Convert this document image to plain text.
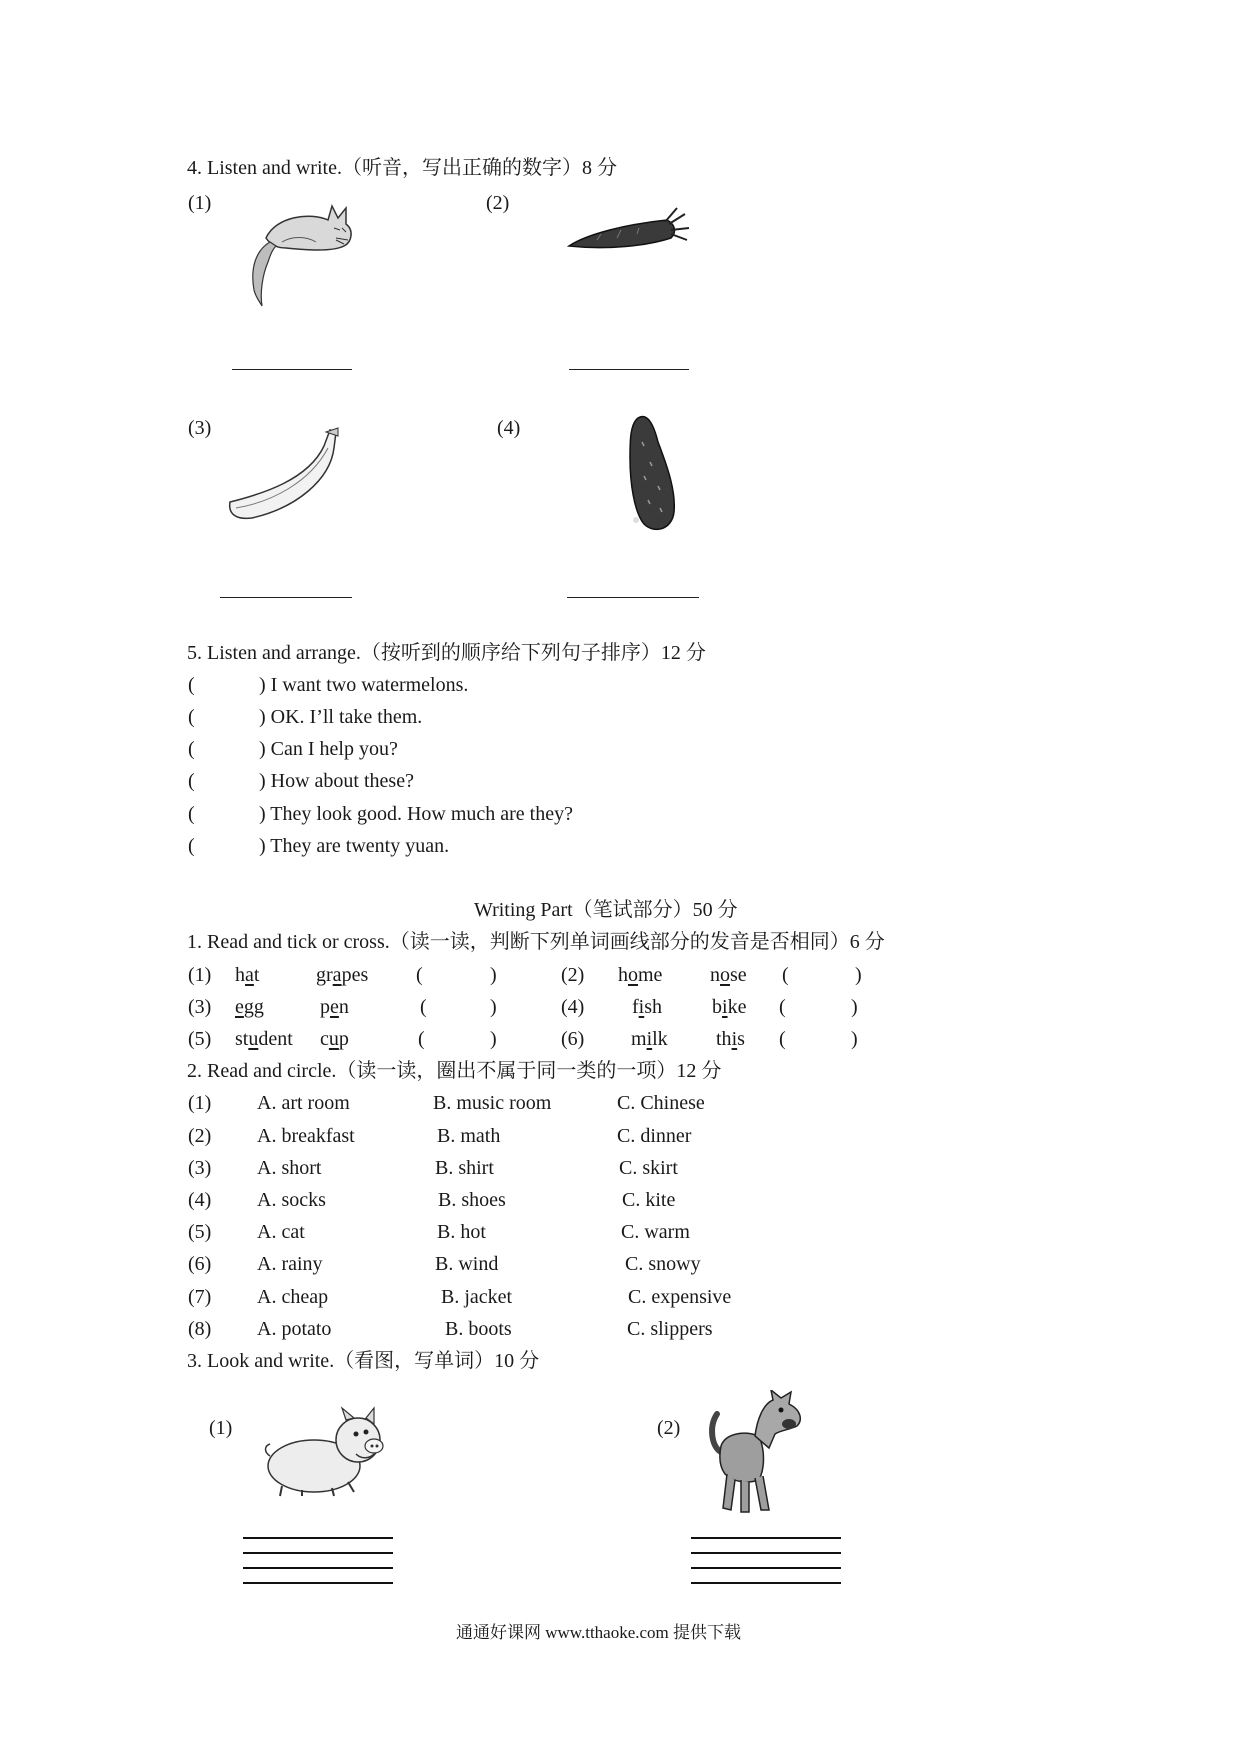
4. Listen and write.（听音，写出正确的数字）8 分
(1)	(2)
(3)	(4)
5. Listen and arrange.（按听到的顺序给下列句子排序）12 分
(	) I want two watermelons.
(	) OK. I’ll take them.
(	) Can I help you?
(	) How about these?
(	) They look good. How much are they?
(	) They are twenty yuan.
Writing Part（笔试部分）50 分
1. Read and tick or cross.（读一读，判断下列单词画线部分的发音是否相同）6 分
(1) hat	grapes (	)	(2) home nose (	)
(3) egg	pen	(	)	(4) fish bike (	)
(5) student cup	(	)	(6) milk this (	)
2. Read and circle.（读一读，圈出不属于同一类的一项）12 分
(1) A. art room	B. music room	C. Chinese
(2) A. breakfast	B. math	C. dinner
(3) A. short	B. shirt	C. skirt
(4) A. socks	B. shoes	C. kite
(5) A. cat	B. hot	C. warm
(6) A. rainy	B. wind	C. snowy
(7) A. cheap	B. jacket	C. expensive
(8) A. potato	B. boots	C. slippers
3. Look and write.（看图，写单词）10 分
(1)	(2)
通通好课网 www.tthaoke.com 提供下载
